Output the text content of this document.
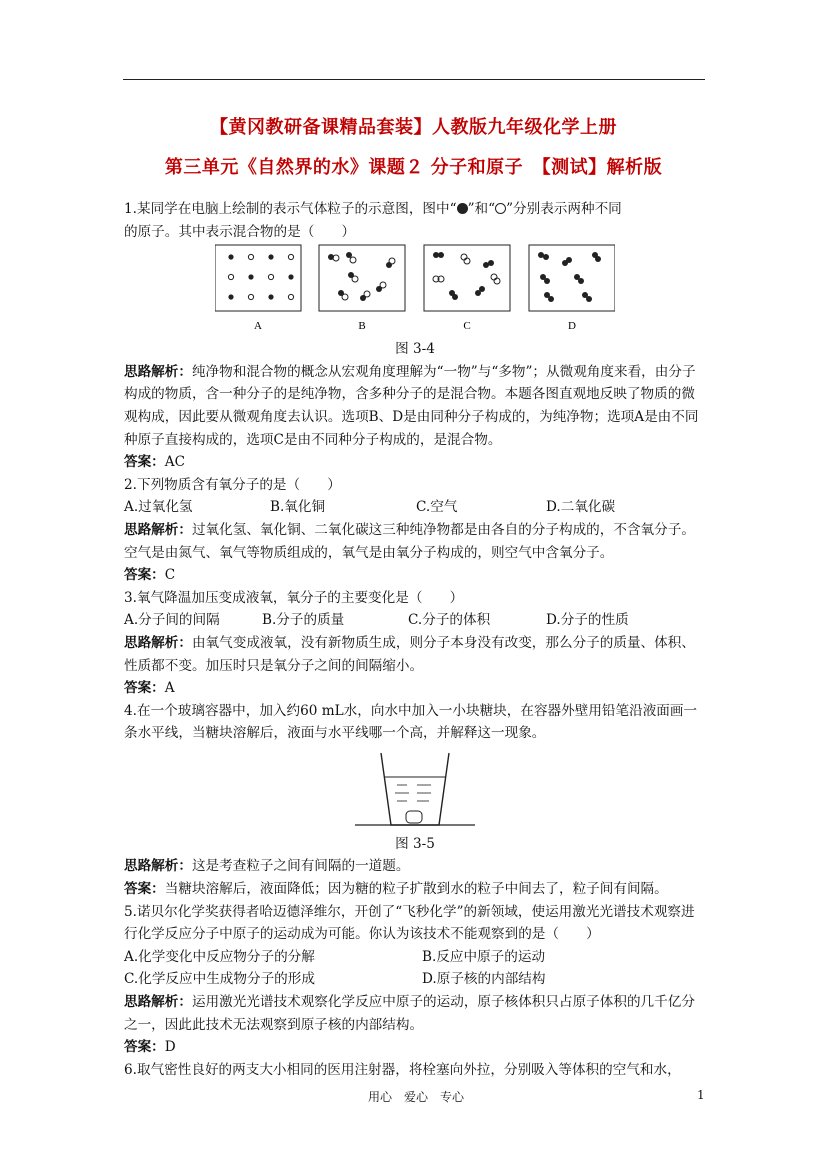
【黄冈教研备课精品套装】人教版九年级化学上册
第三单元《自然界的水》课题２ 分子和原子　【测试】解析版

1.某同学在电脑上绘制的表示气体粒子的示意图，图中“ ”和“ ”分别表示两种不同

的原子。其中表示混合物的是（　　）

A	B	C	D

图 3-4

思路解析：纯净物和混合物的概念从宏观角度理解为“一物”与“多物”；从微观角度来看，由分子构成的物质，含一种分子的是纯净物，含多种分子的是混合物。本题各图直观地反映了物质的微观构成，因此要从微观角度去认识。选项B、D是由同种分子构成的，为纯净物；选项A是由不同种原子直接构成的，选项C是由不同种分子构成的，是混合物。

答案：AC

2.下列物质含有氧分子的是（　　）

A.过氧化氢	B.氧化铜	C.空气	D.二氧化碳

思路解析：过氧化氢、氧化铜、二氧化碳这三种纯净物都是由各自的分子构成的，不含氧分子。空气是由氮气、氧气等物质组成的，氧气是由氧分子构成的，则空气中含氧分子。

答案：C

3.氧气降温加压变成液氧，氧分子的主要变化是（　　）

A.分子间的间隔	B.分子的质量	C.分子的体积	D.分子的性质

思路解析：由氧气变成液氧，没有新物质生成，则分子本身没有改变，那么分子的质量、体积、性质都不变。加压时只是氧分子之间的间隔缩小。

答案：A

4.在一个玻璃容器中，加入约60 mL水，向水中加入一小块糖块，在容器外壁用铅笔沿液面画一条水平线，当糖块溶解后，液面与水平线哪一个高，并解释这一现象。

图 3-5

思路解析：这是考查粒子之间有间隔的一道题。

答案：当糖块溶解后，液面降低；因为糖的粒子扩散到水的粒子中间去了，粒子间有间隔。

5.诺贝尔化学奖获得者哈迈德泽维尔，开创了“飞秒化学”的新领域，使运用激光光谱技术观察进行化学反应分子中原子的运动成为可能。你认为该技术不能观察到的是（　　）

A.化学变化中反应物分子的分解	B.反应中原子的运动
C.化学反应中生成物分子的形成	D.原子核的内部结构

思路解析：运用激光光谱技术观察化学反应中原子的运动，原子核体积只占原子体积的几千亿分之一，因此此技术无法观察到原子核的内部结构。

答案：D

6.取气密性良好的两支大小相同的医用注射器，将栓塞向外拉，分别吸入等体积的空气和水，

用心　爱心　专心	1
